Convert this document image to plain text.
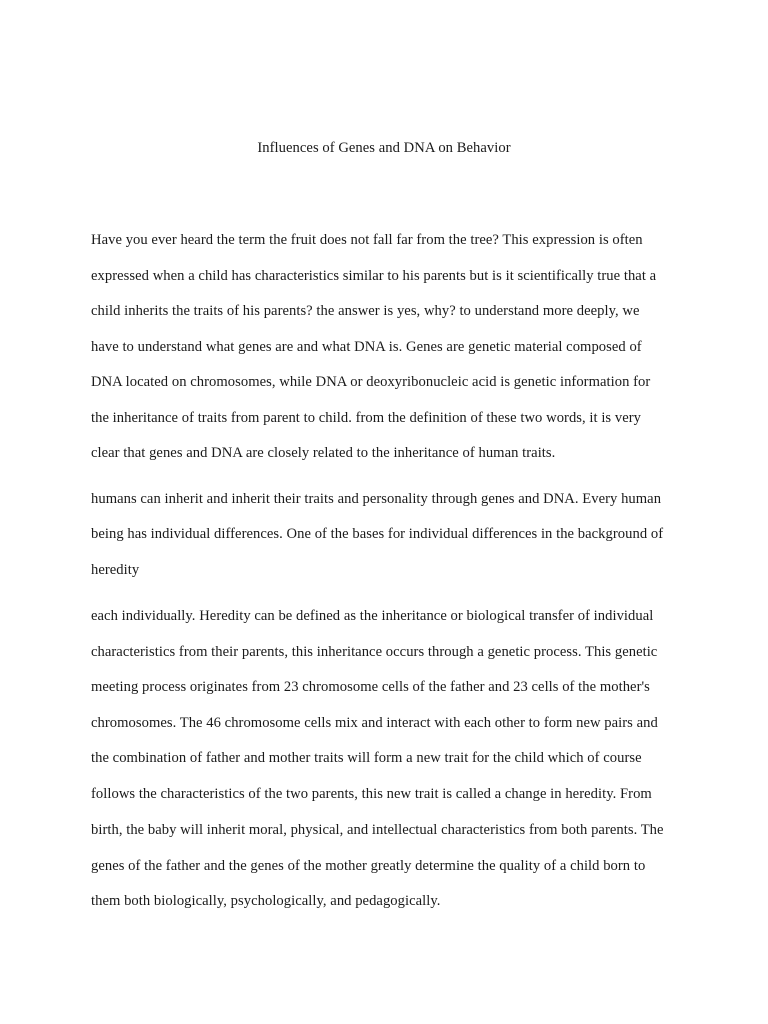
Influences of Genes and DNA on Behavior
Have you ever heard the term the fruit does not fall far from the tree? This expression is often
expressed when a child has characteristics similar to his parents but is it scientifically true that a
child inherits the traits of his parents? the answer is yes, why? to understand more deeply, we
have to understand what genes are and what DNA is. Genes are genetic material composed of
DNA located on chromosomes, while DNA or deoxyribonucleic acid is genetic information for
the inheritance of traits from parent to child. from the definition of these two words, it is very
clear that genes and DNA are closely related to the inheritance of human traits.
humans can inherit and inherit their traits and personality through genes and DNA. Every human
being has individual differences. One of the bases for individual differences in the background of
heredity
each individually. Heredity can be defined as the inheritance or biological transfer of individual
characteristics from their parents, this inheritance occurs through a genetic process. This genetic
meeting process originates from 23 chromosome cells of the father and 23 cells of the mother's
chromosomes. The 46 chromosome cells mix and interact with each other to form new pairs and
the combination of father and mother traits will form a new trait for the child which of course
follows the characteristics of the two parents, this new trait is called a change in heredity. From
birth, the baby will inherit moral, physical, and intellectual characteristics from both parents. The
genes of the father and the genes of the mother greatly determine the quality of a child born to
them both biologically, psychologically, and pedagogically.
